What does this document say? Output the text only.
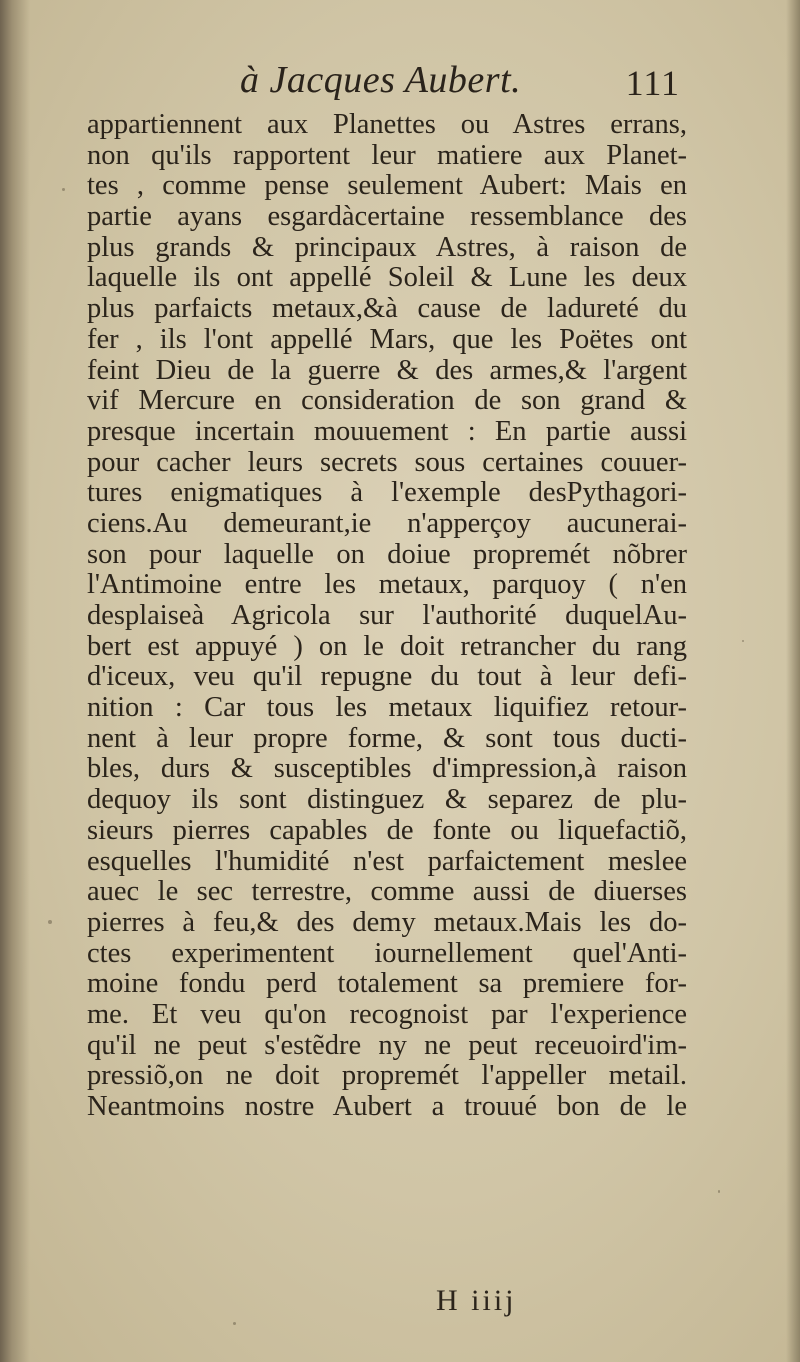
à Jacques Aubert.	111
appartiennent aux Planettes ou Astres errans,
non qu'ils rapportent leur matiere aux Planet-
tes , comme pense seulement Aubert: Mais en
partie ayans esgardàcertaine ressemblance des
plus grands & principaux Astres, à raison de
laquelle ils ont appellé Soleil & Lune les deux
plus parfaicts metaux,&à cause de ladureté du
fer , ils l'ont appellé Mars, que les Poëtes ont
feint Dieu de la guerre & des armes,& l'argent
vif Mercure en consideration de son grand &
presque incertain mouuement : En partie aussi
pour cacher leurs secrets sous certaines couuer-
tures enigmatiques à l'exemple desPythagori-
ciens.Au demeurant,ie n'apperçoy aucunerai-
son pour laquelle on doiue propremét nõbrer
l'Antimoine entre les metaux, parquoy ( n'en
desplaiseà Agricola sur l'authorité duquelAu-
bert est appuyé ) on le doit retrancher du rang
d'iceux, veu qu'il repugne du tout à leur defi-
nition : Car tous les metaux liquifiez retour-
nent à leur propre forme, & sont tous ducti-
bles, durs & susceptibles d'impression,à raison
dequoy ils sont distinguez & separez de plu-
sieurs pierres capables de fonte ou liquefactiõ,
esquelles l'humidité n'est parfaictement meslee
auec le sec terrestre, comme aussi de diuerses
pierres à feu,& des demy metaux.Mais les do-
ctes experimentent iournellement quel'Anti-
moine fondu perd totalement sa premiere for-
me. Et veu qu'on recognoist par l'experience
qu'il ne peut s'estẽdre ny ne peut receuoird'im-
pressiõ,on ne doit propremét l'appeller metail.
Neantmoins nostre Aubert a trouué bon de le
H iiij
